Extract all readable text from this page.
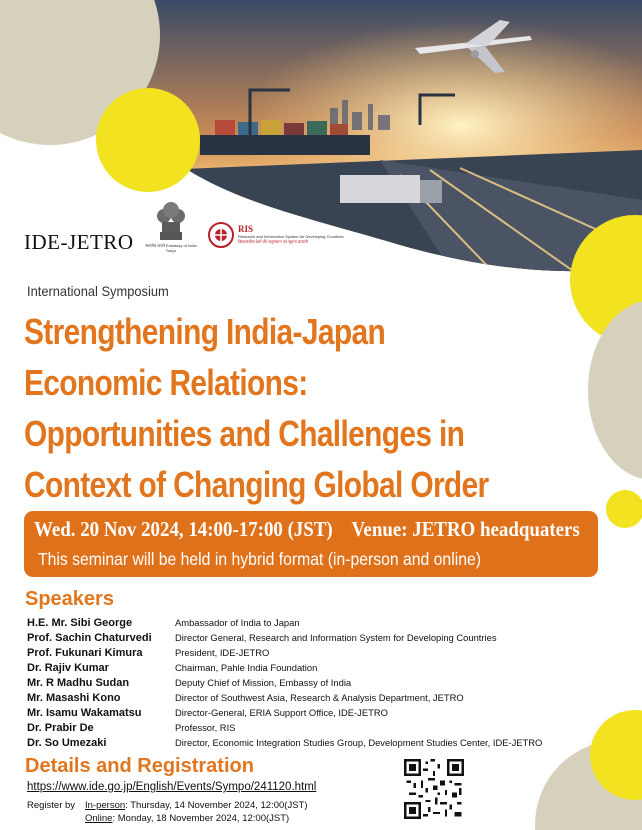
IDE-JETRO	सत्यमेव जयते Embassy of India Tokyo
RIS
Research and Information System for Developing Countries
विकासशील देशों की अनुसंधान एवं सूचना प्रणाली
International Symposium
Strengthening India-Japan
Economic Relations:
Opportunities and Challenges in
Context of Changing Global Order
Wed. 20 Nov 2024, 14:00-17:00 (JST) Venue: JETRO headquaters
This seminar will be held in hybrid format (in-person and online)
Speakers
H.E. Mr. Sibi George	Ambassador of India to Japan
Prof. Sachin Chaturvedi	Director General, Research and Information System for Developing Countries
Prof. Fukunari Kimura	President, IDE-JETRO
Dr. Rajiv Kumar	Chairman, Pahle India Foundation
Mr. R Madhu Sudan	Deputy Chief of Mission, Embassy of India
Mr. Masashi Kono	Director of Southwest Asia, Research & Analysis Department, JETRO
Mr. Isamu Wakamatsu	Director-General, ERIA Support Office, IDE-JETRO
Dr. Prabir De	Professor, RIS
Dr. So Umezaki	Director, Economic Integration Studies Group, Development Studies Center, IDE-JETRO
Details and Registration
https://www.ide.go.jp/English/Events/Sympo/241120.html
Register by In-person: Thursday, 14 November 2024, 12:00(JST)
Online: Monday, 18 November 2024, 12:00(JST)
